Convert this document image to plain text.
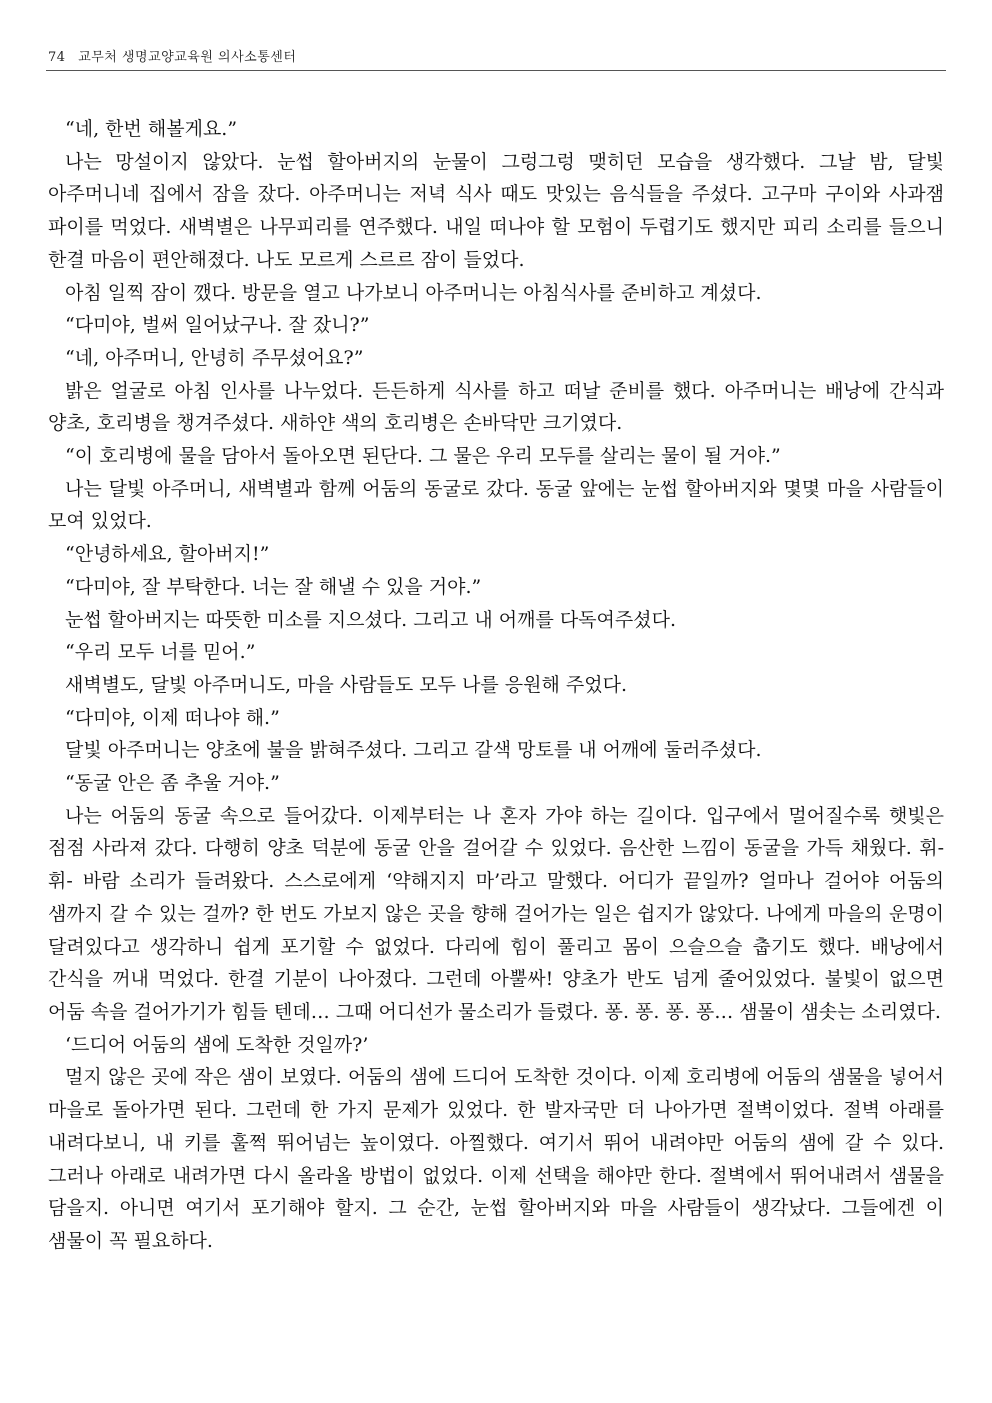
74 교무처 생명교양교육원 의사소통센터

“네, 한번 해볼게요.”

나는 망설이지 않았다. 눈썹 할아버지의 눈물이 그렁그렁 맺히던 모습을 생각했다. 그날 밤, 달빛 아주머니네 집에서 잠을 잤다. 아주머니는 저녁 식사 때도 맛있는 음식들을 주셨다. 고구마 구이와 사과잼 파이를 먹었다. 새벽별은 나무피리를 연주했다. 내일 떠나야 할 모험이 두렵기도 했지만 피리 소리를 들으니 한결 마음이 편안해졌다. 나도 모르게 스르르 잠이 들었다.

아침 일찍 잠이 깼다. 방문을 열고 나가보니 아주머니는 아침식사를 준비하고 계셨다.

“다미야, 벌써 일어났구나. 잘 잤니?”

“네, 아주머니, 안녕히 주무셨어요?”

밝은 얼굴로 아침 인사를 나누었다. 든든하게 식사를 하고 떠날 준비를 했다. 아주머니는 배낭에 간식과 양초, 호리병을 챙겨주셨다. 새하얀 색의 호리병은 손바닥만 크기였다.

“이 호리병에 물을 담아서 돌아오면 된단다. 그 물은 우리 모두를 살리는 물이 될 거야.”

나는 달빛 아주머니, 새벽별과 함께 어둠의 동굴로 갔다. 동굴 앞에는 눈썹 할아버지와 몇몇 마을 사람들이 모여 있었다.

“안녕하세요, 할아버지!”

“다미야, 잘 부탁한다. 너는 잘 해낼 수 있을 거야.”

눈썹 할아버지는 따뜻한 미소를 지으셨다. 그리고 내 어깨를 다독여주셨다.

“우리 모두 너를 믿어.”

새벽별도, 달빛 아주머니도, 마을 사람들도 모두 나를 응원해 주었다.

“다미야, 이제 떠나야 해.”

달빛 아주머니는 양초에 불을 밝혀주셨다. 그리고 갈색 망토를 내 어깨에 둘러주셨다.

“동굴 안은 좀 추울 거야.”

나는 어둠의 동굴 속으로 들어갔다. 이제부터는 나 혼자 가야 하는 길이다. 입구에서 멀어질수록 햇빛은 점점 사라져 갔다. 다행히 양초 덕분에 동굴 안을 걸어갈 수 있었다. 음산한 느낌이 동굴을 가득 채웠다. 휘- 휘- 바람 소리가 들려왔다. 스스로에게 ‘약해지지 마’라고 말했다. 어디가 끝일까? 얼마나 걸어야 어둠의 샘까지 갈 수 있는 걸까? 한 번도 가보지 않은 곳을 향해 걸어가는 일은 쉽지가 않았다. 나에게 마을의 운명이 달려있다고 생각하니 쉽게 포기할 수 없었다. 다리에 힘이 풀리고 몸이 으슬으슬 춥기도 했다. 배낭에서 간식을 꺼내 먹었다. 한결 기분이 나아졌다. 그런데 아뿔싸! 양초가 반도 넘게 줄어있었다. 불빛이 없으면 어둠 속을 걸어가기가 힘들 텐데… 그때 어디선가 물소리가 들렸다. 퐁. 퐁. 퐁. 퐁… 샘물이 샘솟는 소리였다.

‘드디어 어둠의 샘에 도착한 것일까?’

멀지 않은 곳에 작은 샘이 보였다. 어둠의 샘에 드디어 도착한 것이다. 이제 호리병에 어둠의 샘물을 넣어서 마을로 돌아가면 된다. 그런데 한 가지 문제가 있었다. 한 발자국만 더 나아가면 절벽이었다. 절벽 아래를 내려다보니, 내 키를 훌쩍 뛰어넘는 높이였다. 아찔했다. 여기서 뛰어 내려야만 어둠의 샘에 갈 수 있다. 그러나 아래로 내려가면 다시 올라올 방법이 없었다. 이제 선택을 해야만 한다. 절벽에서 뛰어내려서 샘물을 담을지. 아니면 여기서 포기해야 할지. 그 순간, 눈썹 할아버지와 마을 사람들이 생각났다. 그들에겐 이 샘물이 꼭 필요하다.
